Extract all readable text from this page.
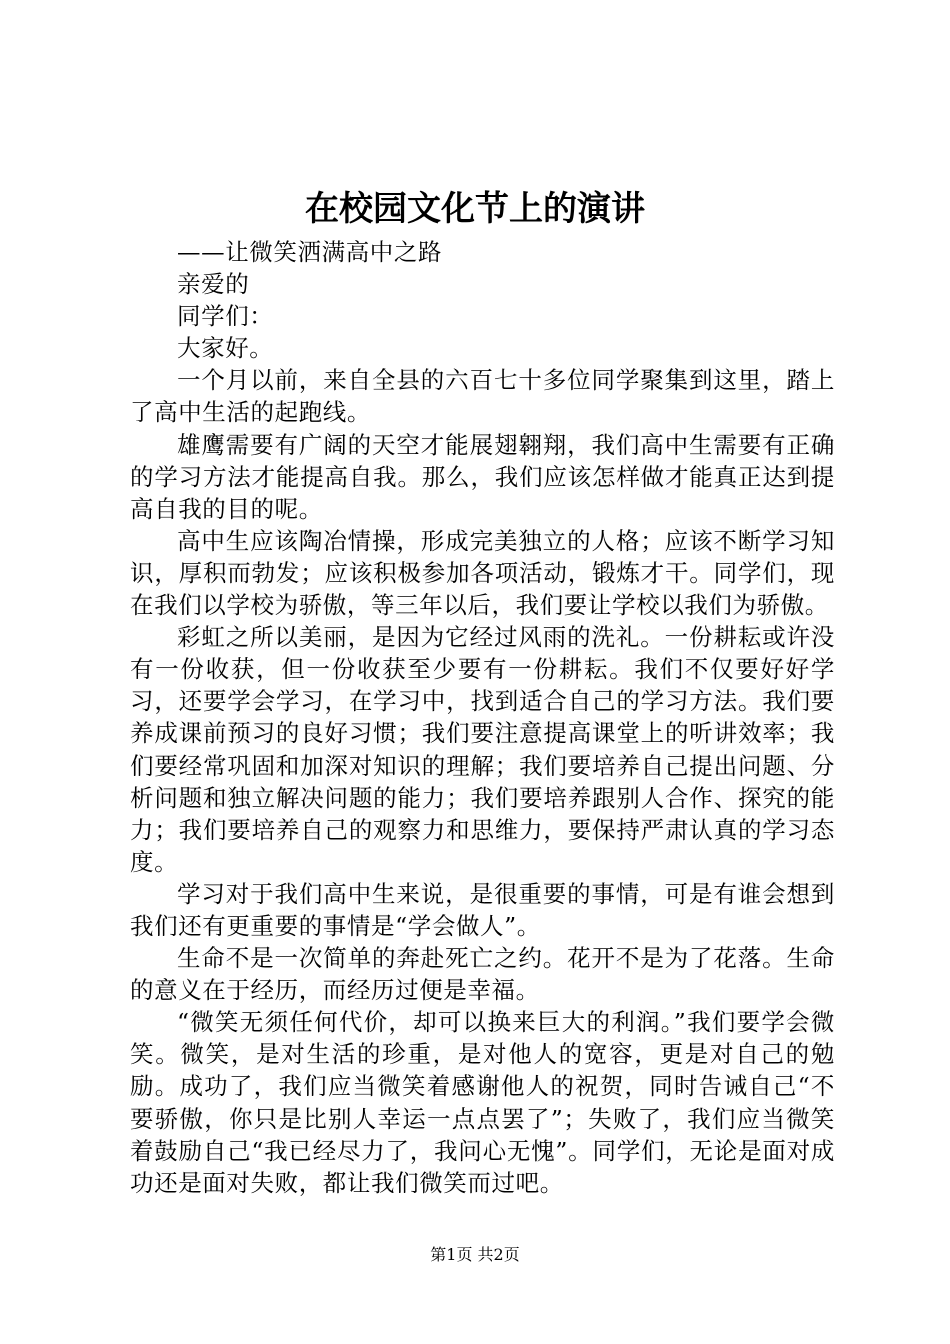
在校园文化节上的演讲

——让微笑洒满高中之路

亲爱的

同学们：

大家好。

一个月以前，来自全县的六百七十多位同学聚集到这里，踏上了高中生活的起跑线。

雄鹰需要有广阔的天空才能展翅翱翔，我们高中生需要有正确的学习方法才能提高自我。那么，我们应该怎样做才能真正达到提高自我的目的呢。

高中生应该陶冶情操，形成完美独立的人格；应该不断学习知识，厚积而勃发；应该积极参加各项活动，锻炼才干。同学们，现在我们以学校为骄傲，等三年以后，我们要让学校以我们为骄傲。

彩虹之所以美丽，是因为它经过风雨的洗礼。一份耕耘或许没有一份收获，但一份收获至少要有一份耕耘。我们不仅要好好学习，还要学会学习，在学习中，找到适合自己的学习方法。我们要养成课前预习的良好习惯；我们要注意提高课堂上的听讲效率；我们要经常巩固和加深对知识的理解；我们要培养自己提出问题、分析问题和独立解决问题的能力；我们要培养跟别人合作、探究的能力；我们要培养自己的观察力和思维力，要保持严肃认真的学习态度。

学习对于我们高中生来说，是很重要的事情，可是有谁会想到我们还有更重要的事情是“学会做人”。

生命不是一次简单的奔赴死亡之约。花开不是为了花落。生命的意义在于经历，而经历过便是幸福。

“微笑无须任何代价，却可以换来巨大的利润。”我们要学会微笑。微笑，是对生活的珍重，是对他人的宽容，更是对自己的勉励。成功了，我们应当微笑着感谢他人的祝贺，同时告诫自己“不要骄傲，你只是比别人幸运一点点罢了”；失败了，我们应当微笑着鼓励自己“我已经尽力了，我问心无愧”。同学们，无论是面对成功还是面对失败，都让我们微笑而过吧。

第1页 共2页
